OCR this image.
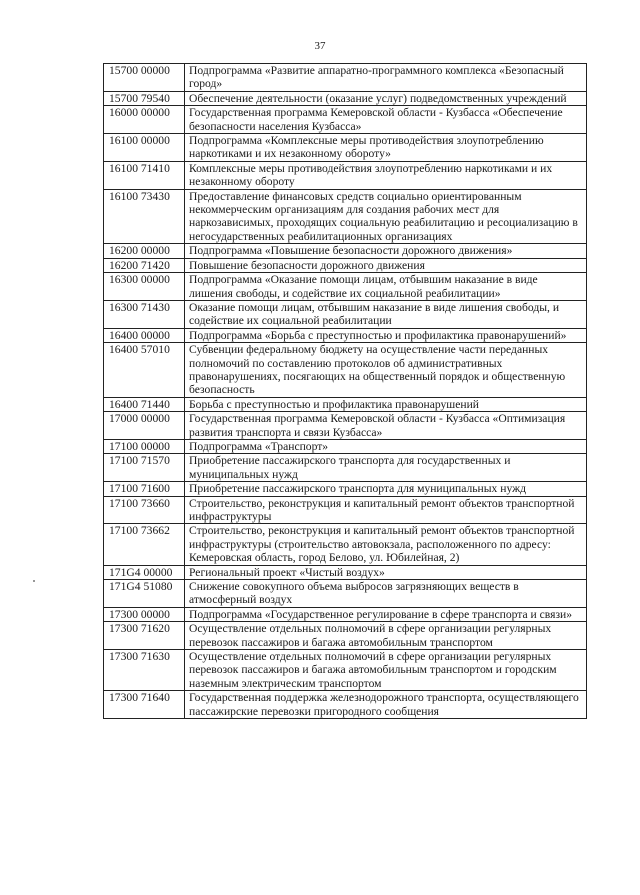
37
15700 00000	Подпрограмма «Развитие аппаратно-программного комплекса «Безопасный город»
15700 79540	Обеспечение деятельности (оказание услуг) подведомственных учреждений
16000 00000	Государственная программа Кемеровской области - Кузбасса «Обеспечение безопасности населения Кузбасса»
16100 00000	Подпрограмма «Комплексные меры противодействия злоупотреблению наркотиками и их незаконному обороту»
16100 71410	Комплексные меры противодействия злоупотреблению наркотиками и их незаконному обороту
16100 73430	Предоставление финансовых средств социально ориентированным некоммерческим организациям для создания рабочих мест для наркозависимых, проходящих социальную реабилитацию и ресоциализацию в негосударственных реабилитационных организациях
16200 00000	Подпрограмма «Повышение безопасности дорожного движения»
16200 71420	Повышение безопасности дорожного движения
16300 00000	Подпрограмма «Оказание помощи лицам, отбывшим наказание в виде лишения свободы, и содействие их социальной реабилитации»
16300 71430	Оказание помощи лицам, отбывшим наказание в виде лишения свободы, и содействие их социальной реабилитации
16400 00000	Подпрограмма «Борьба с преступностью и профилактика правонарушений»
16400 57010	Субвенции федеральному бюджету на осуществление части переданных полномочий по составлению протоколов об административных правонарушениях, посягающих на общественный порядок и общественную безопасность
16400 71440	Борьба с преступностью и профилактика правонарушений
17000 00000	Государственная программа Кемеровской области - Кузбасса «Оптимизация развития транспорта и связи Кузбасса»
17100 00000	Подпрограмма «Транспорт»
17100 71570	Приобретение пассажирского транспорта для государственных и муниципальных нужд
17100 71600	Приобретение пассажирского транспорта для муниципальных нужд
17100 73660	Строительство, реконструкция и капитальный ремонт объектов транспортной инфраструктуры
17100 73662	Строительство, реконструкция и капитальный ремонт объектов транспортной инфраструктуры (строительство автовокзала, расположенного по адресу: Кемеровская область, город Белово, ул. Юбилейная, 2)
171G4 00000	Региональный проект «Чистый воздух»
171G4 51080	Снижение совокупного объема выбросов загрязняющих веществ в атмосферный воздух
17300 00000	Подпрограмма «Государственное регулирование в сфере транспорта и связи»
17300 71620	Осуществление отдельных полномочий в сфере организации регулярных перевозок пассажиров и багажа автомобильным транспортом
17300 71630	Осуществление отдельных полномочий в сфере организации регулярных перевозок пассажиров и багажа автомобильным транспортом и городским наземным электрическим транспортом
17300 71640	Государственная поддержка железнодорожного транспорта, осуществляющего пассажирские перевозки пригородного сообщения
